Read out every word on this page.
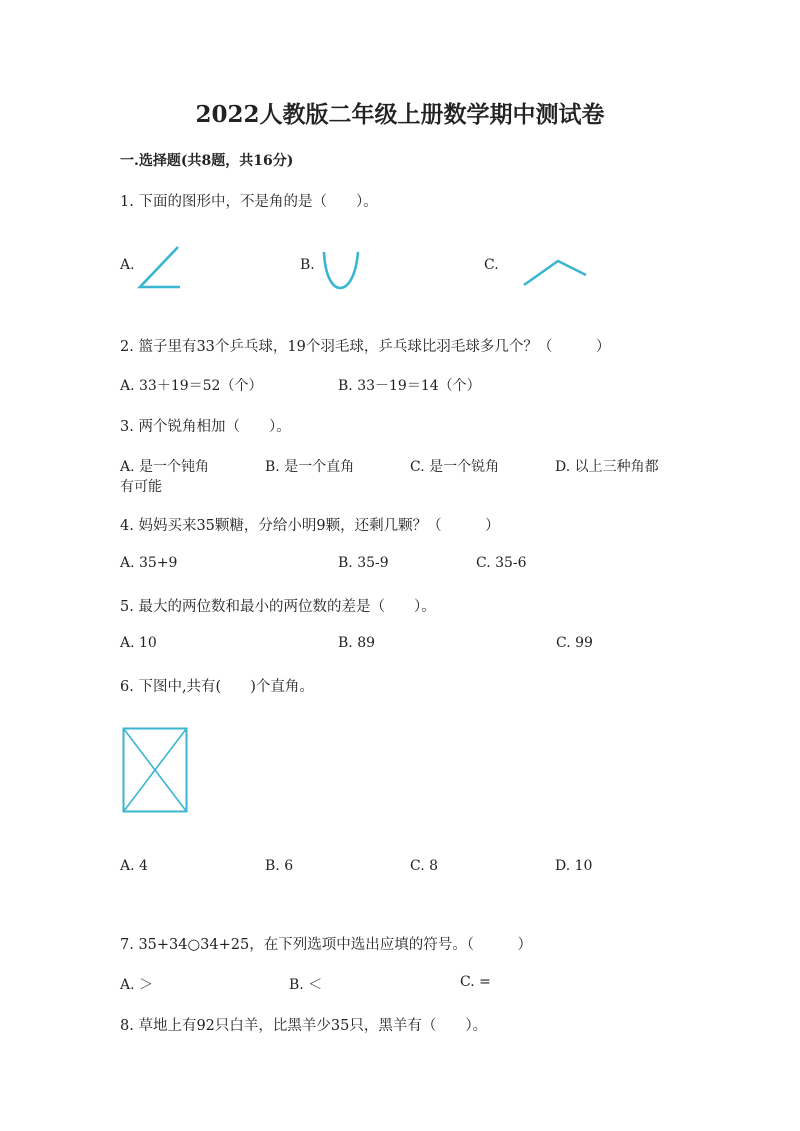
2022人教版二年级上册数学期中测试卷
一.选择题(共8题，共16分)
1. 下面的图形中，不是角的是（　　）。
A.	B.	C.
2. 篮子里有33个乒乓球，19个羽毛球，乒乓球比羽毛球多几个？（　　　）
A. 33＋19＝52（个）	B. 33－19＝14（个）
3. 两个锐角相加（　　）。
A. 是一个钝角	B. 是一个直角	C. 是一个锐角	D. 以上三种角都
有可能
4. 妈妈买来35颗糖，分给小明9颗，还剩几颗？（　　　）
A. 35+9	B. 35-9	C. 35-6
5. 最大的两位数和最小的两位数的差是（　　）。
A. 10	B. 89	C. 99
6. 下图中,共有(　　)个直角。
A. 4	B. 6	C. 8	D. 10
7. 35+34○34+25，在下列选项中选出应填的符号。（　　　）
A. ＞	B. ＜	C. =
8. 草地上有92只白羊，比黑羊少35只，黑羊有（　　）。
